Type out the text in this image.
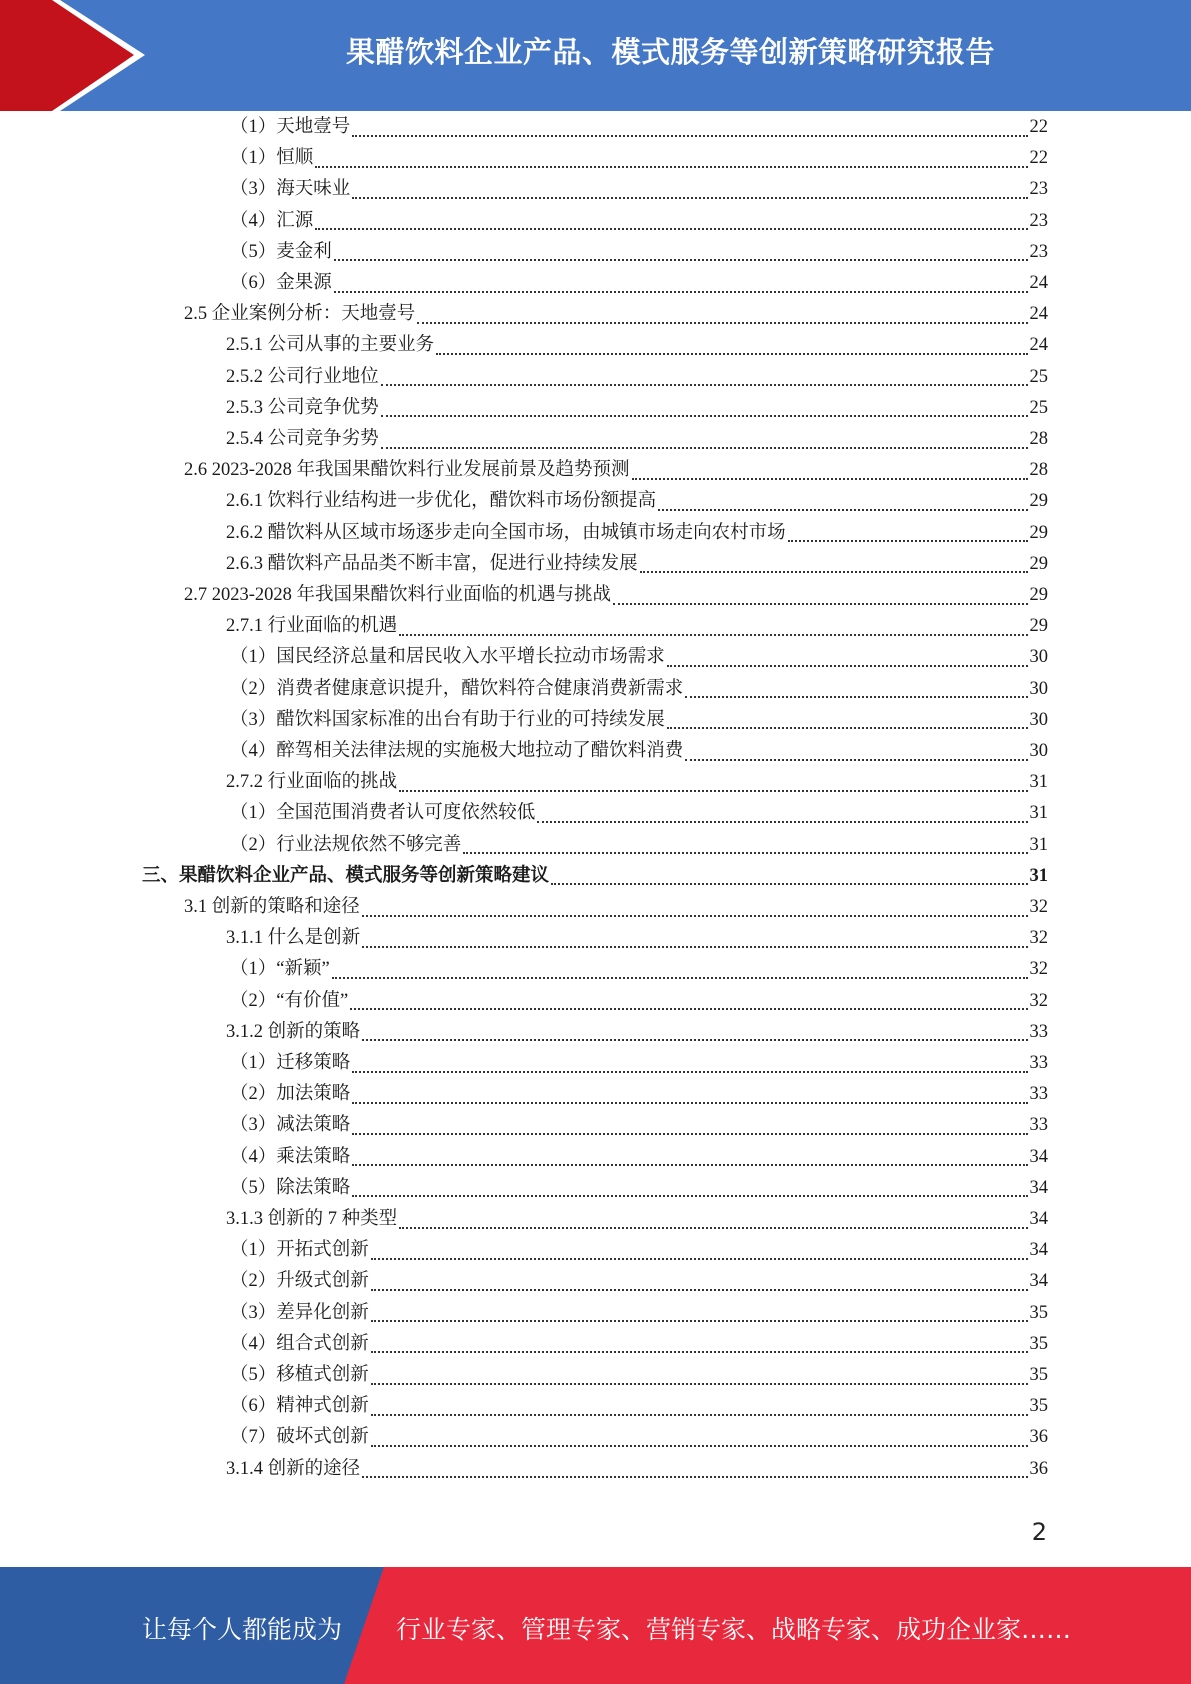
果醋饮料企业产品、模式服务等创新策略研究报告
（1）天地壹号	22
（1）恒顺	22
（3）海天味业	23
（4）汇源	23
（5）麦金利	23
（6）金果源	24
2.5 企业案例分析：天地壹号	24
2.5.1 公司从事的主要业务	24
2.5.2 公司行业地位	25
2.5.3 公司竞争优势	25
2.5.4 公司竞争劣势	28
2.6 2023-2028 年我国果醋饮料行业发展前景及趋势预测	28
2.6.1 饮料行业结构进一步优化，醋饮料市场份额提高	29
2.6.2 醋饮料从区域市场逐步走向全国市场，由城镇市场走向农村市场	29
2.6.3 醋饮料产品品类不断丰富，促进行业持续发展	29
2.7 2023-2028 年我国果醋饮料行业面临的机遇与挑战	29
2.7.1 行业面临的机遇	29
（1）国民经济总量和居民收入水平增长拉动市场需求	30
（2）消费者健康意识提升，醋饮料符合健康消费新需求	30
（3）醋饮料国家标准的出台有助于行业的可持续发展	30
（4）醉驾相关法律法规的实施极大地拉动了醋饮料消费	30
2.7.2 行业面临的挑战	31
（1）全国范围消费者认可度依然较低	31
（2）行业法规依然不够完善	31
三、果醋饮料企业产品、模式服务等创新策略建议	31
3.1 创新的策略和途径	32
3.1.1 什么是创新	32
（1）“新颖”	32
（2）“有价值”	32
3.1.2 创新的策略	33
（1）迁移策略	33
（2）加法策略	33
（3）减法策略	33
（4）乘法策略	34
（5）除法策略	34
3.1.3 创新的 7 种类型	34
（1）开拓式创新	34
（2）升级式创新	34
（3）差异化创新	35
（4）组合式创新	35
（5）移植式创新	35
（6）精神式创新	35
（7）破坏式创新	36
3.1.4 创新的途径	36
2
让每个人都能成为 行业专家、管理专家、营销专家、战略专家、成功企业家……
